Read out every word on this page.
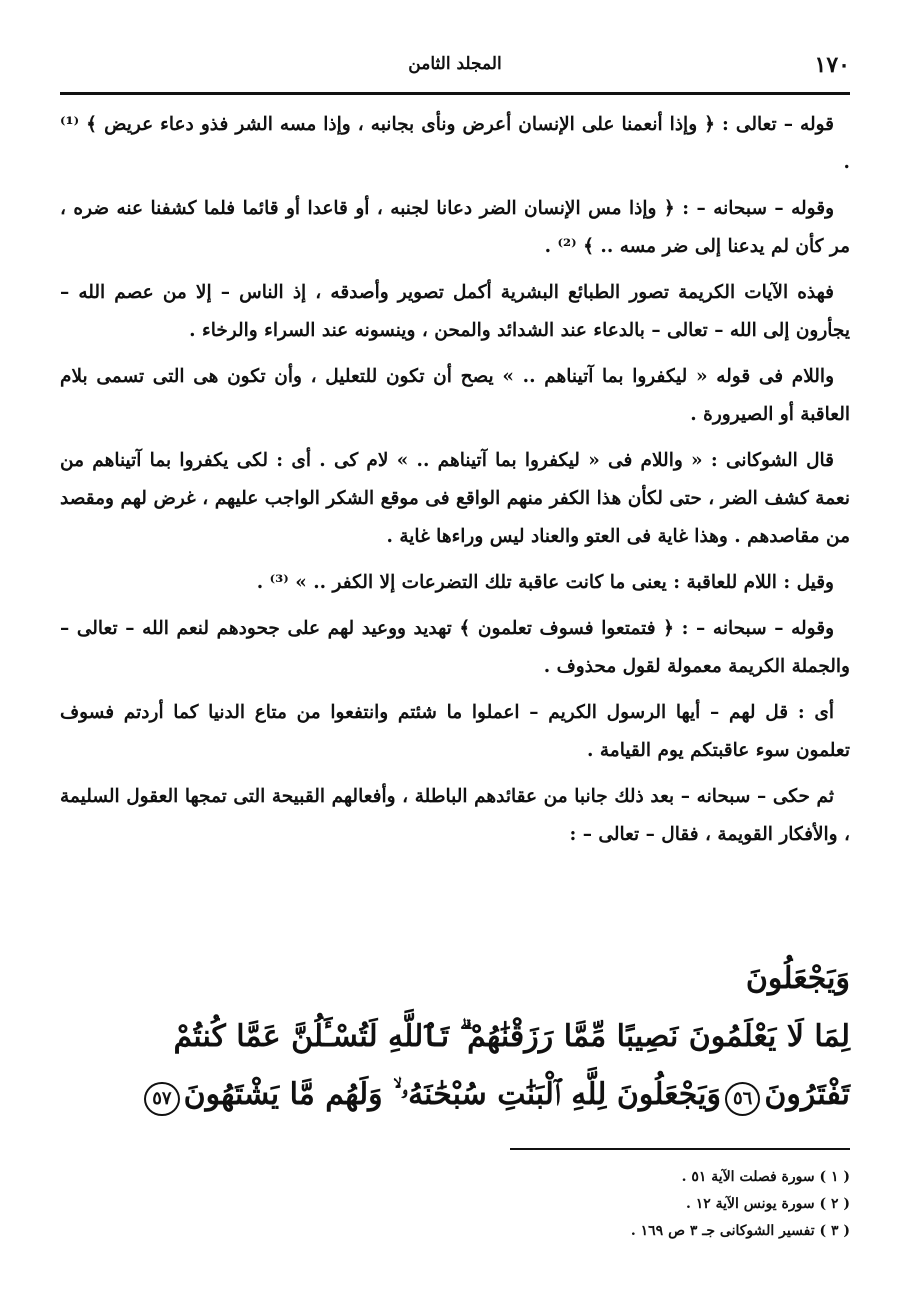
١٧٠
المجلد الثامن

قوله – تعالى : ﴿ وإذا أنعمنا على الإنسان أعرض ونأى بجانبه ، وإذا مسه الشر فذو دعاء عريض ﴾ ⁽¹⁾ .

وقوله – سبحانه – : ﴿ وإذا مس الإنسان الضر دعانا لجنبه ، أو قاعدا أو قائما فلما كشفنا عنه ضره ، مر كأن لم يدعنا إلى ضر مسه .. ﴾ ⁽²⁾ .

فهذه الآيات الكريمة تصور الطبائع البشرية أكمل تصوير وأصدقه ، إذ الناس – إلا من عصم الله – يجأرون إلى الله – تعالى – بالدعاء عند الشدائد والمحن ، وينسونه عند السراء والرخاء .

واللام فى قوله « ليكفروا بما آتيناهم .. » يصح أن تكون للتعليل ، وأن تكون هى التى تسمى بلام العاقبة أو الصيرورة .

قال الشوكانى : « واللام فى « ليكفروا بما آتيناهم .. » لام كى . أى : لكى يكفروا بما آتيناهم من نعمة كشف الضر ، حتى لكأن هذا الكفر منهم الواقع فى موقع الشكر الواجب عليهم ، غرض لهم ومقصد من مقاصدهم . وهذا غاية فى العتو والعناد ليس وراءها غاية .

وقيل : اللام للعاقبة : يعنى ما كانت عاقبة تلك التضرعات إلا الكفر .. » ⁽³⁾ .

وقوله – سبحانه – : ﴿ فتمتعوا فسوف تعلمون ﴾ تهديد ووعيد لهم على جحودهم لنعم الله – تعالى – والجملة الكريمة معمولة لقول محذوف .

أى : قل لهم – أيها الرسول الكريم – اعملوا ما شئتم وانتفعوا من متاع الدنيا كما أردتم فسوف تعلمون سوء عاقبتكم يوم القيامة .

ثم حكى – سبحانه – بعد ذلك جانبا من عقائدهم الباطلة ، وأفعالهم القبيحة التى تمجها العقول السليمة ، والأفكار القويمة ، فقال – تعالى – :

وَيَجْعَلُونَ
لِمَا لَا يَعْلَمُونَ نَصِيبًا مِّمَّا رَزَقْنَٰهُمْ ۗ تَٱللَّهِ لَتُسْـَٔلُنَّ عَمَّا كُنتُمْ
تَفْتَرُونَ٥٦وَيَجْعَلُونَ لِلَّهِ ٱلْبَنَٰتِ سُبْحَٰنَهُۥ ۙ وَلَهُم مَّا يَشْتَهُونَ٥٧
( ١ ) سورة فصلت الآية ٥١ .
( ٢ ) سورة يونس الآية ١٢ .
( ٣ ) تفسير الشوكانى جـ ٣ ص ١٦٩ .
